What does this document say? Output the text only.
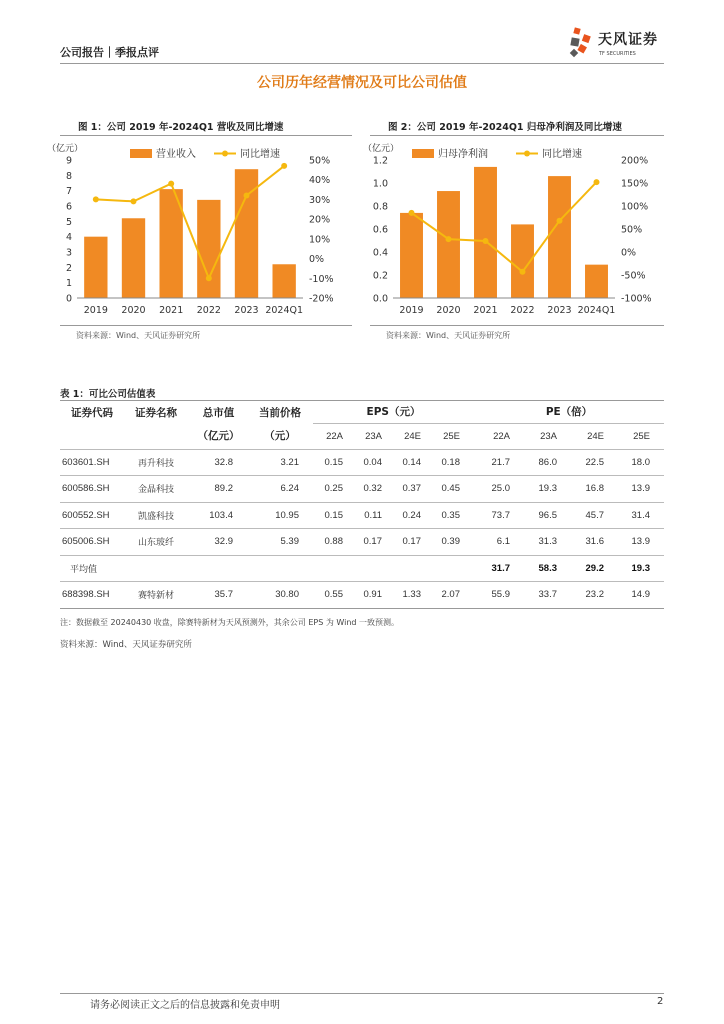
公司报告｜季报点评
天风证券
TF SECURITIES
公司历年经营情况及可比公司估值
图 1：公司 2019 年-2024Q1 营收及同比增速
（亿元）
0
1
2
3
4
5
6
7
8
9
-20%
-10%
0%
10%
20%
30%
40%
50%
2019 2020 2021 2022 2023 2024Q1
营业收入	同比增速
资料来源：Wind、天风证券研究所
图 2：公司 2019 年-2024Q1 归母净利润及同比增速
（亿元）
0.0
0.2
0.4
0.6
0.8
1.0
1.2
-100%
-50%
0%
50%
100%
150%
200%
2019 2020 2021 2022 2023 2024Q1
归母净利润	同比增速
资料来源：Wind、天风证券研究所
表 1：可比公司估值表
证券代码	证券名称	总市值	当前价格	EPS（元）				PE（倍）			
		（亿元）	（元）	22A	23A	24E	25E	22A	23A	24E	25E
603601.SH	再升科技	32.8	3.21	0.15	0.04	0.14	0.18	21.7	86.0	22.5	18.0
600586.SH	金晶科技	89.2	6.24	0.25	0.32	0.37	0.45	25.0	19.3	16.8	13.9
600552.SH	凯盛科技	103.4	10.95	0.15	0.11	0.24	0.35	73.7	96.5	45.7	31.4
605006.SH	山东玻纤	32.9	5.39	0.88	0.17	0.17	0.39	6.1	31.3	31.6	13.9
平均值								31.7	58.3	29.2	19.3
688398.SH	赛特新材	35.7	30.80	0.55	0.91	1.33	2.07	55.9	33.7	23.2	14.9
注：数据截至 20240430 收盘，除赛特新材为天风预测外，其余公司 EPS 为 Wind 一致预测。
资料来源：Wind、天风证券研究所
请务必阅读正文之后的信息披露和免责申明	2
